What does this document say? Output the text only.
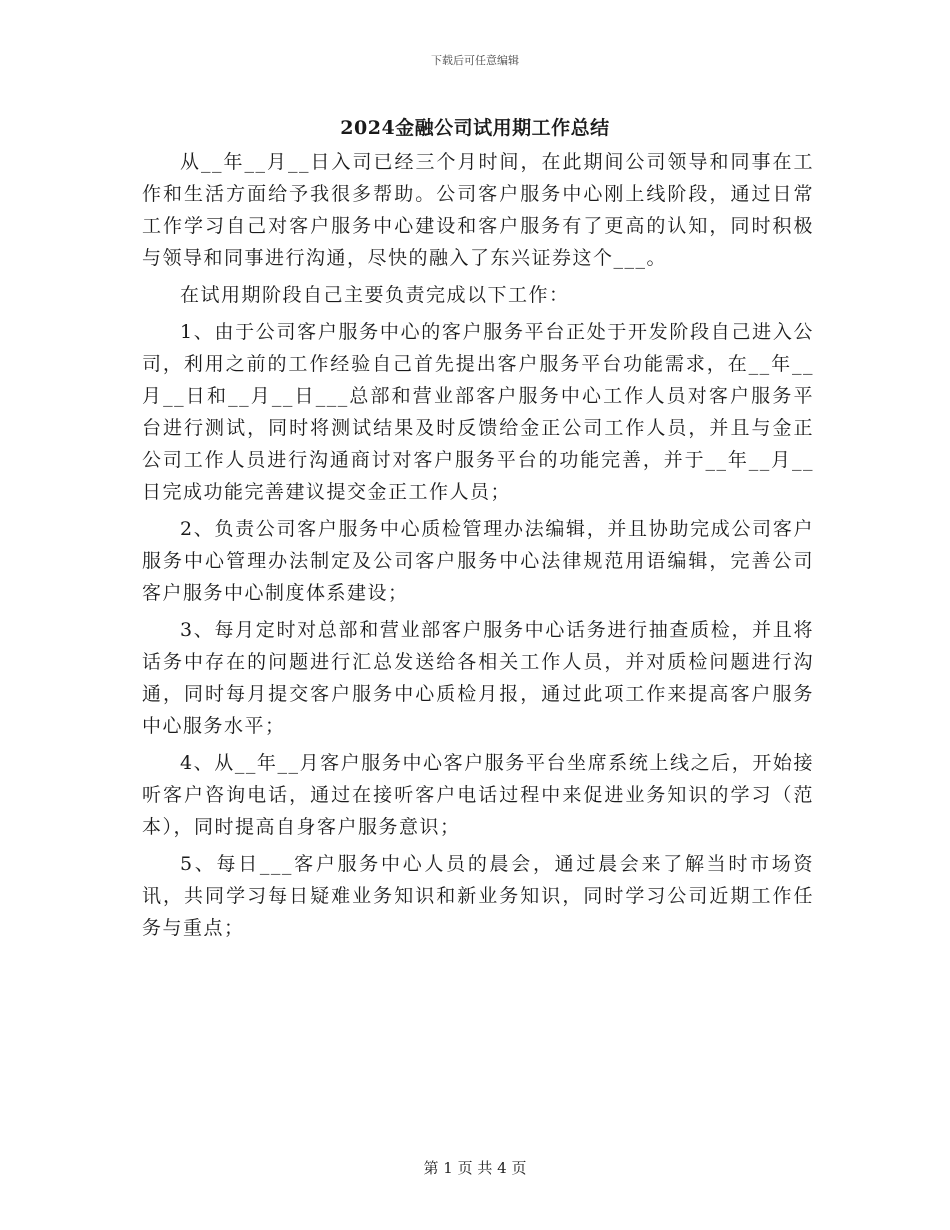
下载后可任意编辑
2024金融公司试用期工作总结

从__年__月__日入司已经三个月时间，在此期间公司领导和同事在工作和生活方面给予我很多帮助。公司客户服务中心刚上线阶段，通过日常工作学习自己对客户服务中心建设和客户服务有了更高的认知，同时积极与领导和同事进行沟通，尽快的融入了东兴证券这个___。

在试用期阶段自己主要负责完成以下工作：

1、由于公司客户服务中心的客户服务平台正处于开发阶段自己进入公司，利用之前的工作经验自己首先提出客户服务平台功能需求，在__年__月__日和__月__日___总部和营业部客户服务中心工作人员对客户服务平台进行测试，同时将测试结果及时反馈给金正公司工作人员，并且与金正公司工作人员进行沟通商讨对客户服务平台的功能完善，并于__年__月__日完成功能完善建议提交金正工作人员；

2、负责公司客户服务中心质检管理办法编辑，并且协助完成公司客户服务中心管理办法制定及公司客户服务中心法律规范用语编辑，完善公司客户服务中心制度体系建设；

3、每月定时对总部和营业部客户服务中心话务进行抽查质检，并且将话务中存在的问题进行汇总发送给各相关工作人员，并对质检问题进行沟通，同时每月提交客户服务中心质检月报，通过此项工作来提高客户服务中心服务水平；

4、从__年__月客户服务中心客户服务平台坐席系统上线之后，开始接听客户咨询电话，通过在接听客户电话过程中来促进业务知识的学习（范本），同时提高自身客户服务意识；

5、每日___客户服务中心人员的晨会，通过晨会来了解当时市场资讯，共同学习每日疑难业务知识和新业务知识，同时学习公司近期工作任务与重点；

第 1 页 共 4 页
